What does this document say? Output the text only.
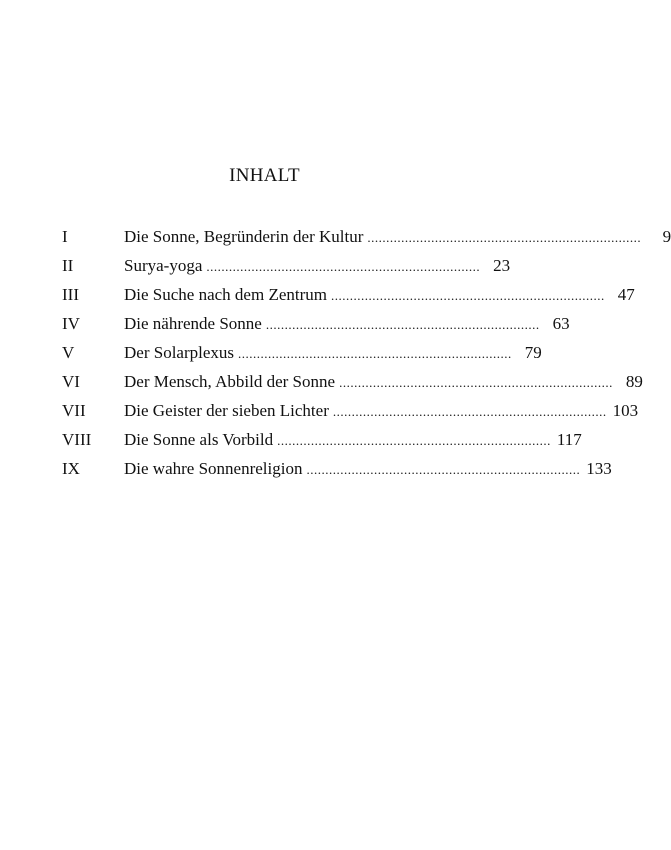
INHALT
I	Die Sonne, Begründerin der Kultur .........................................................................	9
II	Surya-yoga ......................................................................... 23
III	Die Suche nach dem Zentrum ......................................................................... 47
IV	Die nährende Sonne ......................................................................... 63
V	Der Solarplexus ......................................................................... 79
VI	Der Mensch, Abbild der Sonne ......................................................................... 89
VII	Die Geister der sieben Lichter ......................................................................... 103
VIII	Die Sonne als Vorbild ......................................................................... 117
IX	Die wahre Sonnenreligion ......................................................................... 133
